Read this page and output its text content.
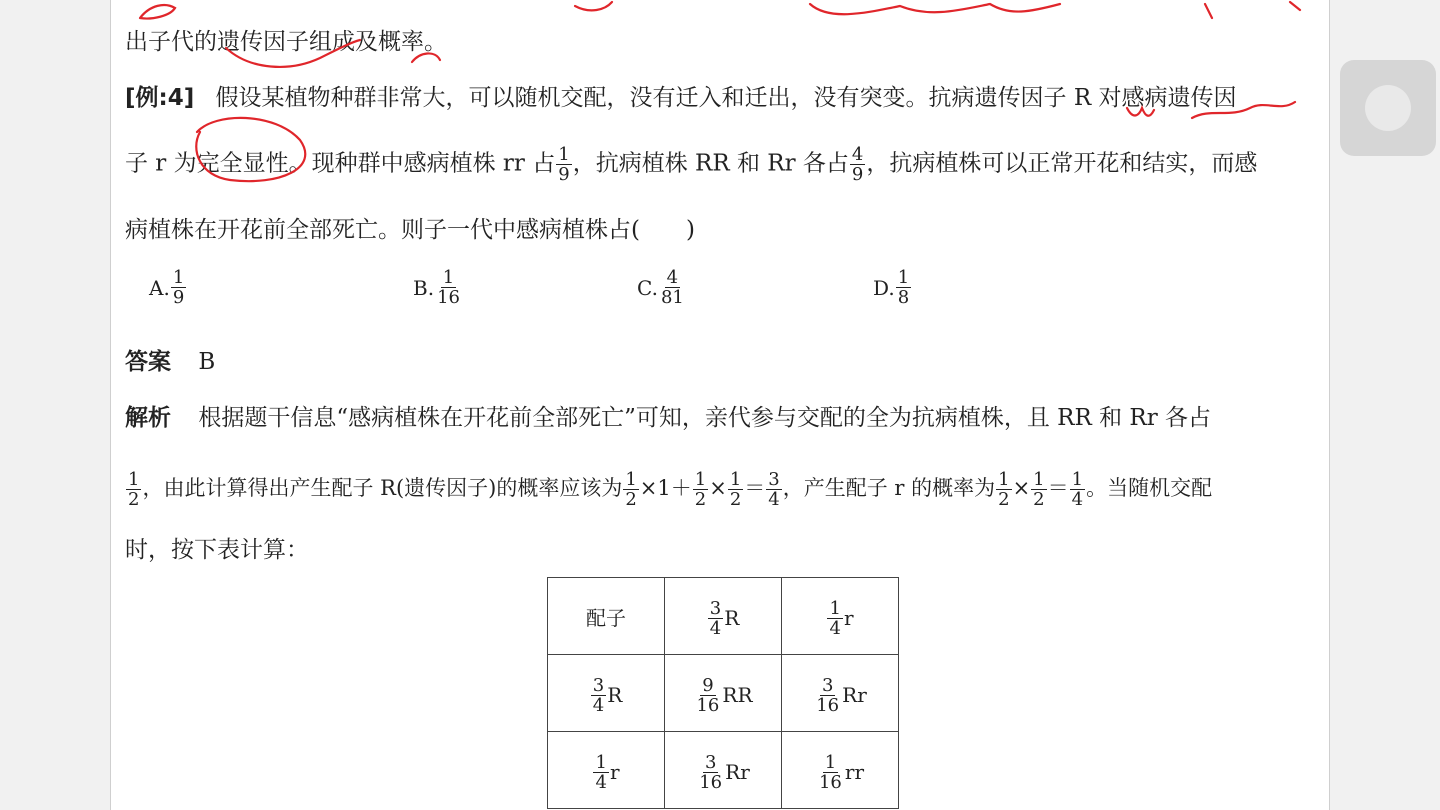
出子代的遗传因子组成及概率。
[例:4] 假设某植物种群非常大，可以随机交配，没有迁入和迁出，没有突变。抗病遗传因子 R 对感病遗传因
子 r 为完全显性。现种群中感病植株 rr 占 $\frac{1}{9}$ ，抗病植株 RR 和 Rr 各占 $\frac{4}{9}$ ，抗病植株可以正常开花和结实，而感
病植株在开花前全部死亡。则子一代中感病植株占(　　)
A. $\frac{1}{9}$	B. $\frac{1}{16}$	C. $\frac{4}{81}$	D. $\frac{1}{8}$
答案 B
解析 根据题干信息“感病植株在开花前全部死亡”可知，亲代参与交配的全为抗病植株，且 RR 和 Rr 各占
$\frac{1}{2}$ ，由此计算得出产生配子 R(遗传因子)的概率应该为 $\frac{1}{2} \times 1+ \frac{1}{2} \times \frac{1}{2} = \frac{3}{4}$ ，产生配子 r 的概率为 $\frac{1}{2} \times \frac{1}{2} = \frac{1}{4}$ 。当随机交配
时，按下表计算：
配子	$\frac{3}{4}$ R	$\frac{1}{4}$ r

$\frac{3}{4}$ R	$\frac{9}{16}$ RR	$\frac{3}{16}$ Rr

$\frac{1}{4}$ r	$\frac{3}{16}$ Rr	$\frac{1}{16}$ rr
